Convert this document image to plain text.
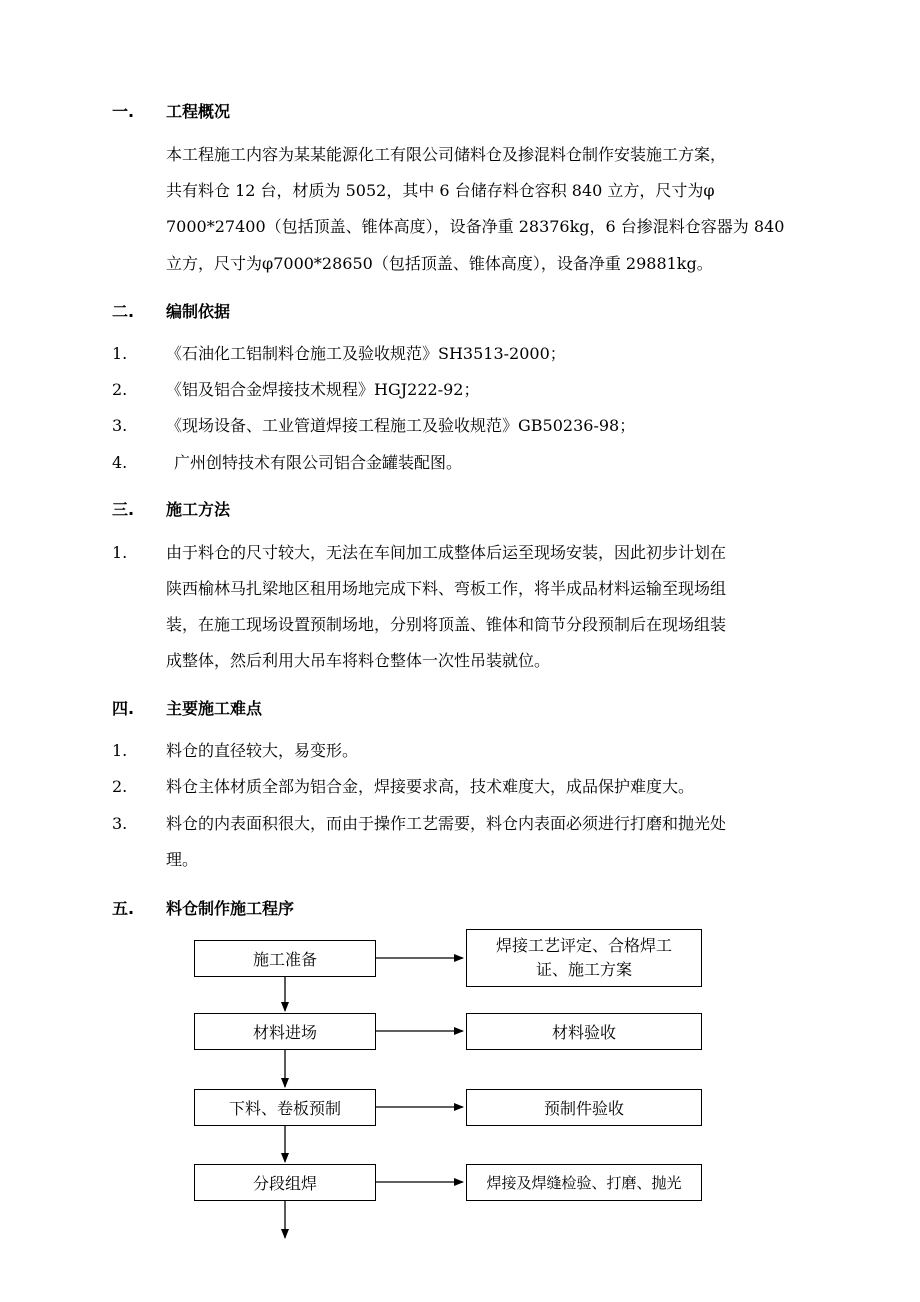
一. 工程概况
本工程施工内容为某某能源化工有限公司储料仓及掺混料仓制作安装施工方案，
共有料仓 12 台，材质为 5052，其中 6 台储存料仓容积 840 立方，尺寸为φ
7000*27400（包括顶盖、锥体高度），设备净重 28376kg，6 台掺混料仓容器为 840
立方，尺寸为φ7000*28650（包括顶盖、锥体高度），设备净重 29881kg。
二. 编制依据
1. 《石油化工铝制料仓施工及验收规范》SH3513-2000；
2. 《铝及铝合金焊接技术规程》HGJ222-92；
3. 《现场设备、工业管道焊接工程施工及验收规范》GB50236-98；
4.	广州创特技术有限公司铝合金罐装配图。
三. 施工方法
1. 由于料仓的尺寸较大，无法在车间加工成整体后运至现场安装，因此初步计划在
陕西榆林马扎梁地区租用场地完成下料、弯板工作，将半成品材料运输至现场组
装，在施工现场设置预制场地，分别将顶盖、锥体和筒节分段预制后在现场组装
成整体，然后利用大吊车将料仓整体一次性吊装就位。
四. 主要施工难点
1. 料仓的直径较大，易变形。
2. 料仓主体材质全部为铝合金，焊接要求高，技术难度大，成品保护难度大。
3. 料仓的内表面积很大，而由于操作工艺需要，料仓内表面必须进行打磨和抛光处
理。
五. 料仓制作施工程序
施工准备
材料进场
下料、卷板预制
分段组焊
焊接工艺评定、合格焊工
证、施工方案
材料验收
预制件验收
焊接及焊缝检验、打磨、抛光
